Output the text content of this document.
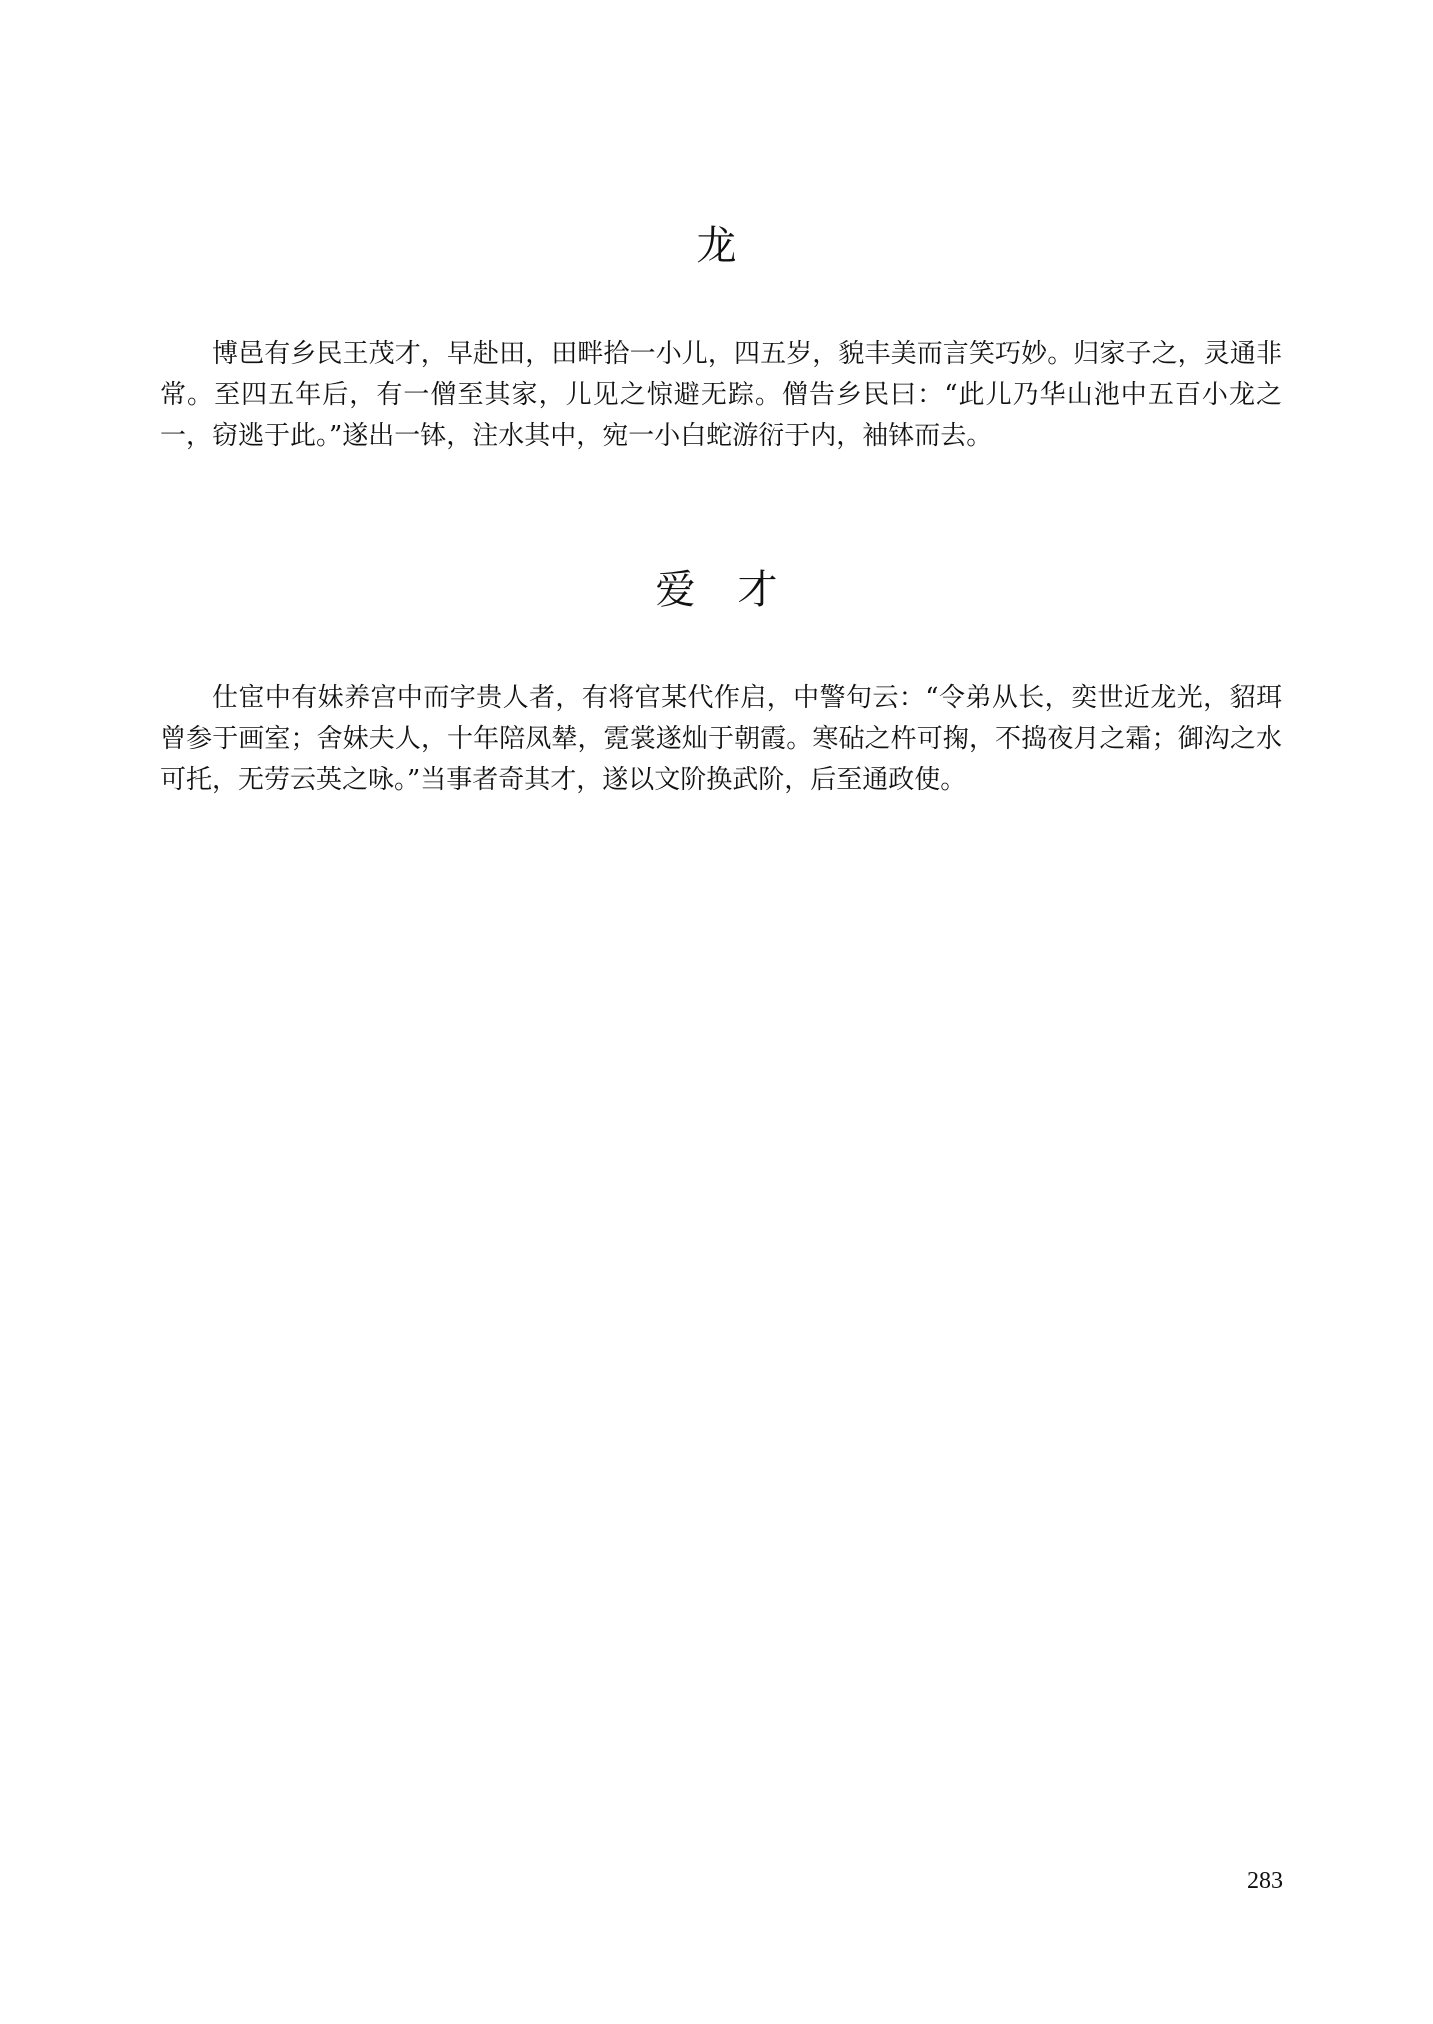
龙

博邑有乡民王茂才，早赴田，田畔拾一小儿，四五岁，貌丰美而言笑巧妙。归家子之，灵通非常。至四五年后，有一僧至其家，儿见之惊避无踪。僧告乡民曰：“此儿乃华山池中五百小龙之一，窃逃于此。”遂出一钵，注水其中，宛一小白蛇游衍于内，袖钵而去。

爱才

仕宦中有妹养宫中而字贵人者，有将官某代作启，中警句云：“令弟从长，奕世近龙光，貂珥曾参于画室；舍妹夫人，十年陪凤辇，霓裳遂灿于朝霞。寒砧之杵可掬，不捣夜月之霜；御沟之水可托，无劳云英之咏。”当事者奇其才，遂以文阶换武阶，后至通政使。

283
